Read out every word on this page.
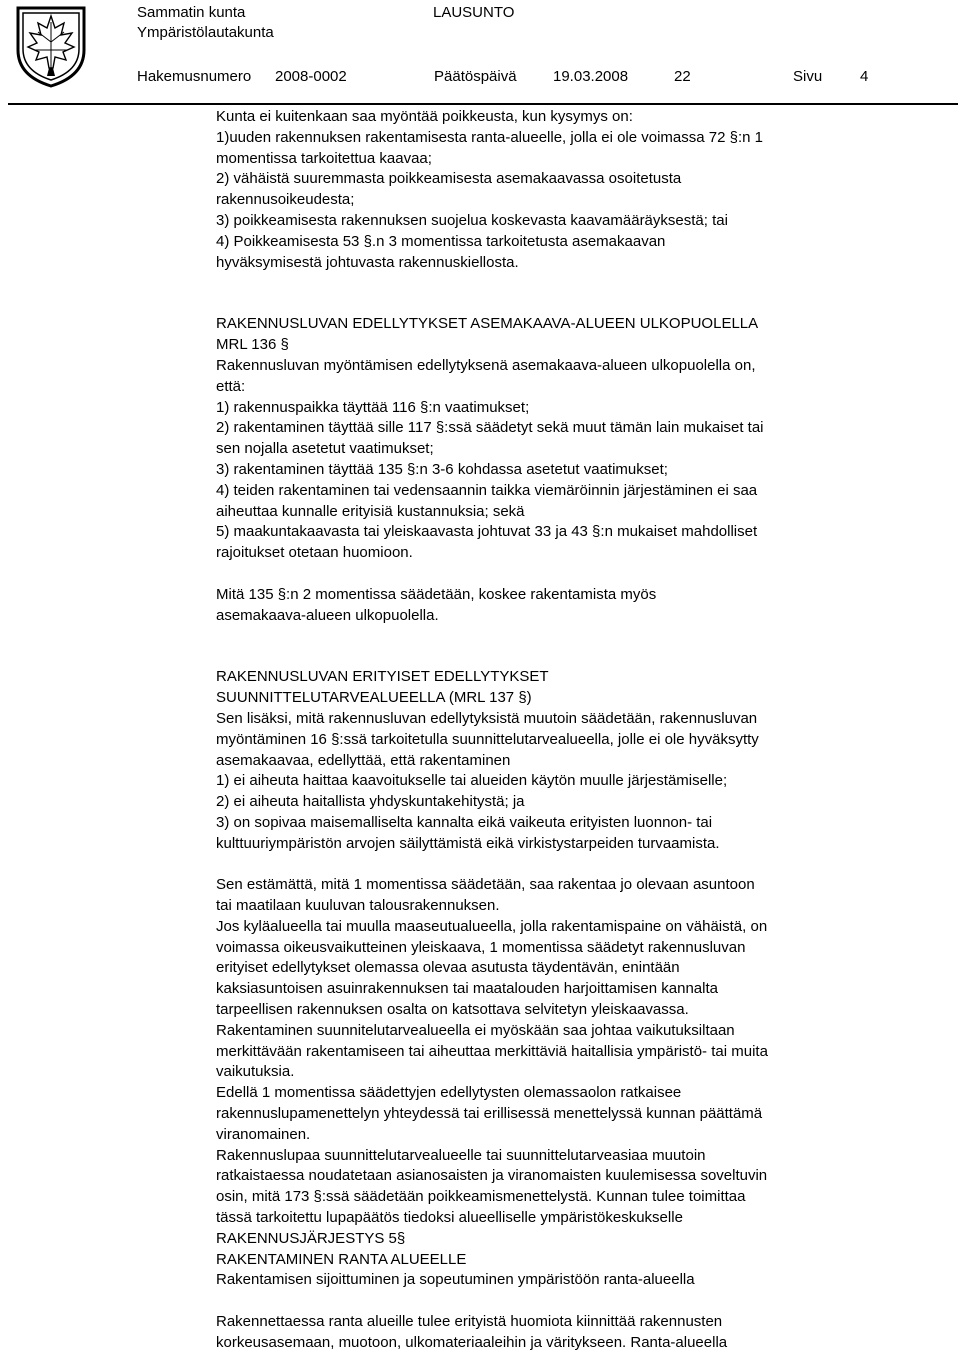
Sammatin kunta
Ympäristölautakunta
LAUSUNTO
Hakemusnumero 2008-0002	Päätöspäivä 19.03.2008	22	Sivu	4

Kunta ei kuitenkaan saa myöntää poikkeusta, kun kysymys on:
1)uuden rakennuksen rakentamisesta ranta-alueelle, jolla ei ole voimassa 72 §:n 1
momentissa tarkoitettua kaavaa;
2) vähäistä suuremmasta poikkeamisesta asemakaavassa osoitetusta
rakennusoikeudesta;
3) poikkeamisesta rakennuksen suojelua koskevasta kaavamääräyksestä; tai
4) Poikkeamisesta 53 §.n 3 momentissa tarkoitetusta asemakaavan
hyväksymisestä johtuvasta rakennuskiellosta.

RAKENNUSLUVAN EDELLYTYKSET ASEMAKAAVA-ALUEEN ULKOPUOLELLA
MRL 136 §
Rakennusluvan myöntämisen edellytyksenä asemakaava-alueen ulkopuolella on,
että:
1) rakennuspaikka täyttää 116 §:n vaatimukset;
2) rakentaminen täyttää sille 117 §:ssä säädetyt sekä muut tämän lain mukaiset tai
sen nojalla asetetut vaatimukset;
3) rakentaminen täyttää 135 §:n 3-6 kohdassa asetetut vaatimukset;
4) teiden rakentaminen tai vedensaannin taikka viemäröinnin järjestäminen ei saa
aiheuttaa kunnalle erityisiä kustannuksia; sekä
5) maakuntakaavasta tai yleiskaavasta johtuvat 33 ja 43 §:n mukaiset mahdolliset
rajoitukset otetaan huomioon.

Mitä 135 §:n 2 momentissa säädetään, koskee rakentamista myös
asemakaava-alueen ulkopuolella.

RAKENNUSLUVAN ERITYISET EDELLYTYKSET
SUUNNITTELUTARVEALUEELLA (MRL 137 §)
Sen lisäksi, mitä rakennusluvan edellytyksistä muutoin säädetään, rakennusluvan
myöntäminen 16 §:ssä tarkoitetulla suunnittelutarvealueella, jolle ei ole hyväksytty
asemakaavaa, edellyttää, että rakentaminen
1) ei aiheuta haittaa kaavoitukselle tai alueiden käytön muulle järjestämiselle;
2) ei aiheuta haitallista yhdyskuntakehitystä; ja
3) on sopivaa maisemalliselta kannalta eikä vaikeuta erityisten luonnon- tai
kulttuuriympäristön arvojen säilyttämistä eikä virkistystarpeiden turvaamista.

Sen estämättä, mitä 1 momentissa säädetään, saa rakentaa jo olevaan asuntoon
tai maatilaan kuuluvan talousrakennuksen.
Jos kyläalueella tai muulla maaseutualueella, jolla rakentamispaine on vähäistä, on
voimassa oikeusvaikutteinen yleiskaava, 1 momentissa säädetyt rakennusluvan
erityiset edellytykset olemassa olevaa asutusta täydentävän, enintään
kaksiasuntoisen asuinrakennuksen tai maatalouden harjoittamisen kannalta
tarpeellisen rakennuksen osalta on katsottava selvitetyn yleiskaavassa.
Rakentaminen suunnitelutarvealueella ei myöskään saa johtaa vaikutuksiltaan
merkittävään rakentamiseen tai aiheuttaa merkittäviä haitallisia ympäristö- tai muita
vaikutuksia.
Edellä 1 momentissa säädettyjen edellytysten olemassaolon ratkaisee
rakennuslupamenettelyn yhteydessä tai erillisessä menettelyssä kunnan päättämä
viranomainen.
Rakennuslupaa suunnittelutarvealueelle tai suunnittelutarveasiaa muutoin
ratkaistaessa noudatetaan asianosaisten ja viranomaisten kuulemisessa soveltuvin
osin, mitä 173 §:ssä säädetään poikkeamismenettelystä. Kunnan tulee toimittaa
tässä tarkoitettu lupapäätös tiedoksi alueelliselle ympäristökeskukselle
RAKENNUSJÄRJESTYS 5§
RAKENTAMINEN RANTA ALUEELLE
Rakentamisen sijoittuminen ja sopeutuminen ympäristöön ranta-alueella

Rakennettaessa ranta alueille tulee erityistä huomiota kiinnittää rakennusten
korkeusasemaan, muotoon, ulkomateriaaleihin ja väritykseen. Ranta-alueella
